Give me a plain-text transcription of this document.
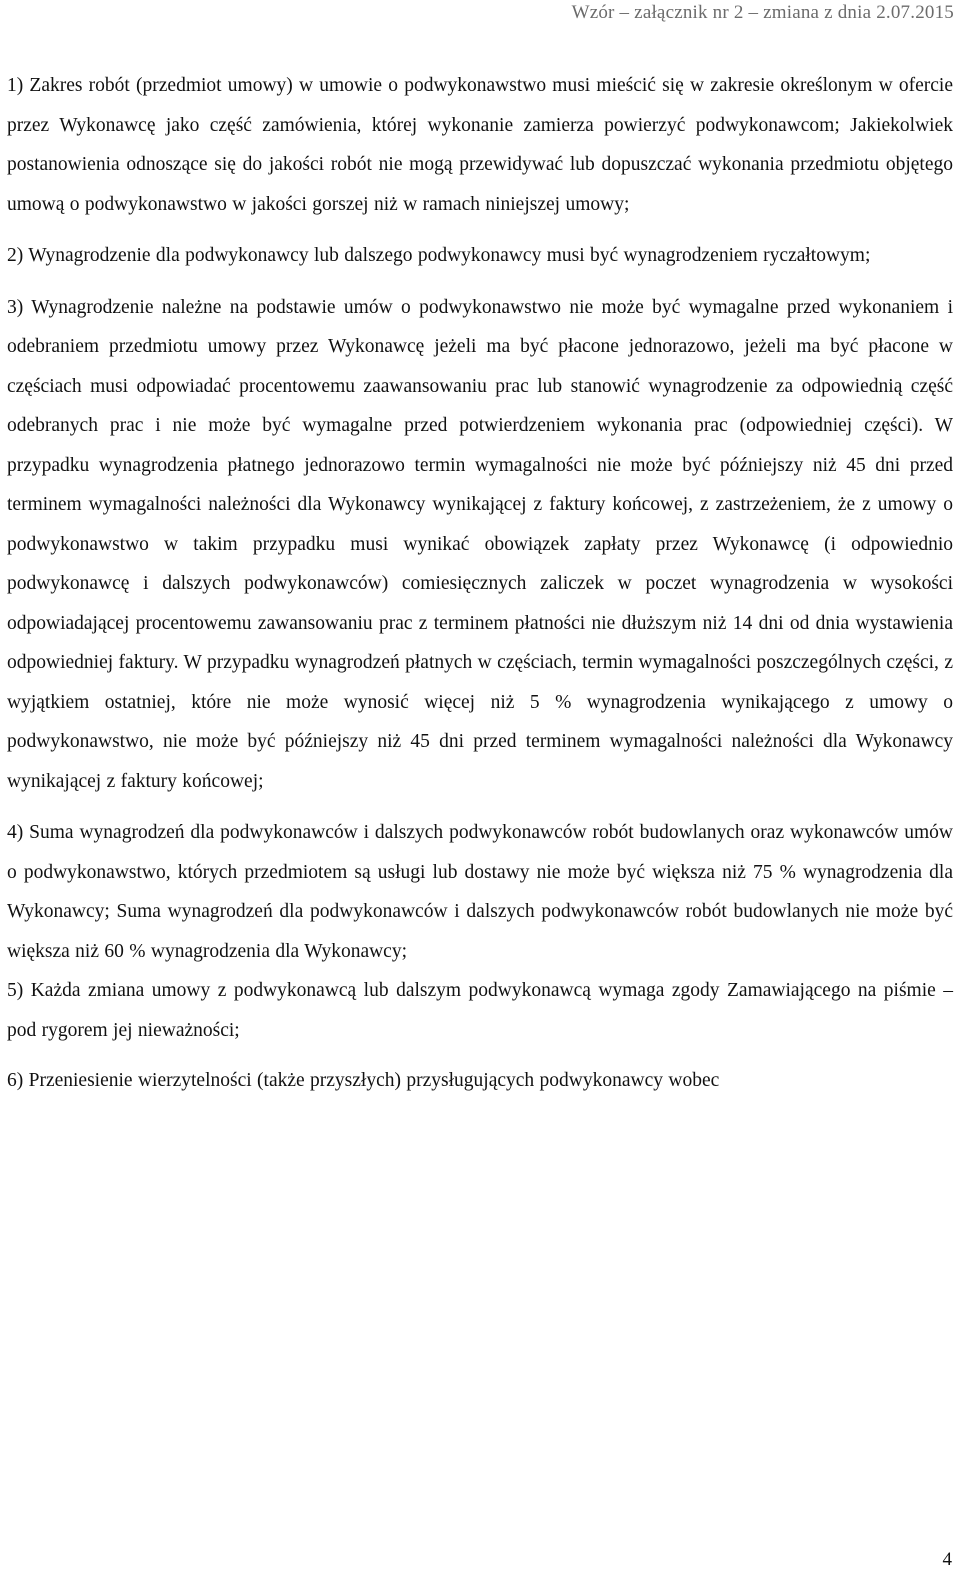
Wzór – załącznik nr 2 – zmiana z dnia 2.07.2015

1) Zakres robót (przedmiot umowy) w umowie o podwykonawstwo musi mieścić się w zakresie określonym w ofercie przez Wykonawcę jako część zamówienia, której wykonanie zamierza powierzyć podwykonawcom; Jakiekolwiek postanowienia odnoszące się do jakości robót nie mogą przewidywać lub dopuszczać wykonania przedmiotu objętego umową o podwykonawstwo w jakości gorszej niż w ramach niniejszej umowy;

2) Wynagrodzenie dla podwykonawcy lub dalszego podwykonawcy musi być wynagrodzeniem ryczałtowym;

3) Wynagrodzenie należne na podstawie umów o podwykonawstwo nie może być wymagalne przed wykonaniem i odebraniem przedmiotu umowy przez Wykonawcę jeżeli ma być płacone jednorazowo, jeżeli ma być płacone w częściach musi odpowiadać procentowemu zaawansowaniu prac lub stanowić wynagrodzenie za odpowiednią część odebranych prac i nie może być wymagalne przed potwierdzeniem wykonania prac (odpowiedniej części). W przypadku wynagrodzenia płatnego jednorazowo termin wymagalności nie może być późniejszy niż 45 dni przed terminem wymagalności należności dla Wykonawcy wynikającej z faktury końcowej, z zastrzeżeniem, że z umowy o podwykonawstwo w takim przypadku musi wynikać obowiązek zapłaty przez Wykonawcę (i odpowiednio podwykonawcę i dalszych podwykonawców) comiesięcznych zaliczek w poczet wynagrodzenia w wysokości odpowiadającej procentowemu zawansowaniu prac z terminem płatności nie dłuższym niż 14 dni od dnia wystawienia odpowiedniej faktury. W przypadku wynagrodzeń płatnych w częściach, termin wymagalności poszczególnych części, z wyjątkiem ostatniej, które nie może wynosić więcej niż 5 % wynagrodzenia wynikającego z umowy o podwykonawstwo, nie może być późniejszy niż 45 dni przed terminem wymagalności należności dla Wykonawcy wynikającej z faktury końcowej;

4) Suma wynagrodzeń dla podwykonawców i dalszych podwykonawców robót budowlanych oraz wykonawców umów o podwykonawstwo, których przedmiotem są usługi lub dostawy nie może być większa niż 75 % wynagrodzenia dla Wykonawcy; Suma wynagrodzeń dla podwykonawców i dalszych podwykonawców robót budowlanych nie może być większa niż 60 % wynagrodzenia dla Wykonawcy;

5) Każda zmiana umowy z podwykonawcą lub dalszym podwykonawcą wymaga zgody Zamawiającego na piśmie – pod rygorem jej nieważności;

6) Przeniesienie wierzytelności (także przyszłych) przysługujących podwykonawcy wobec

4
